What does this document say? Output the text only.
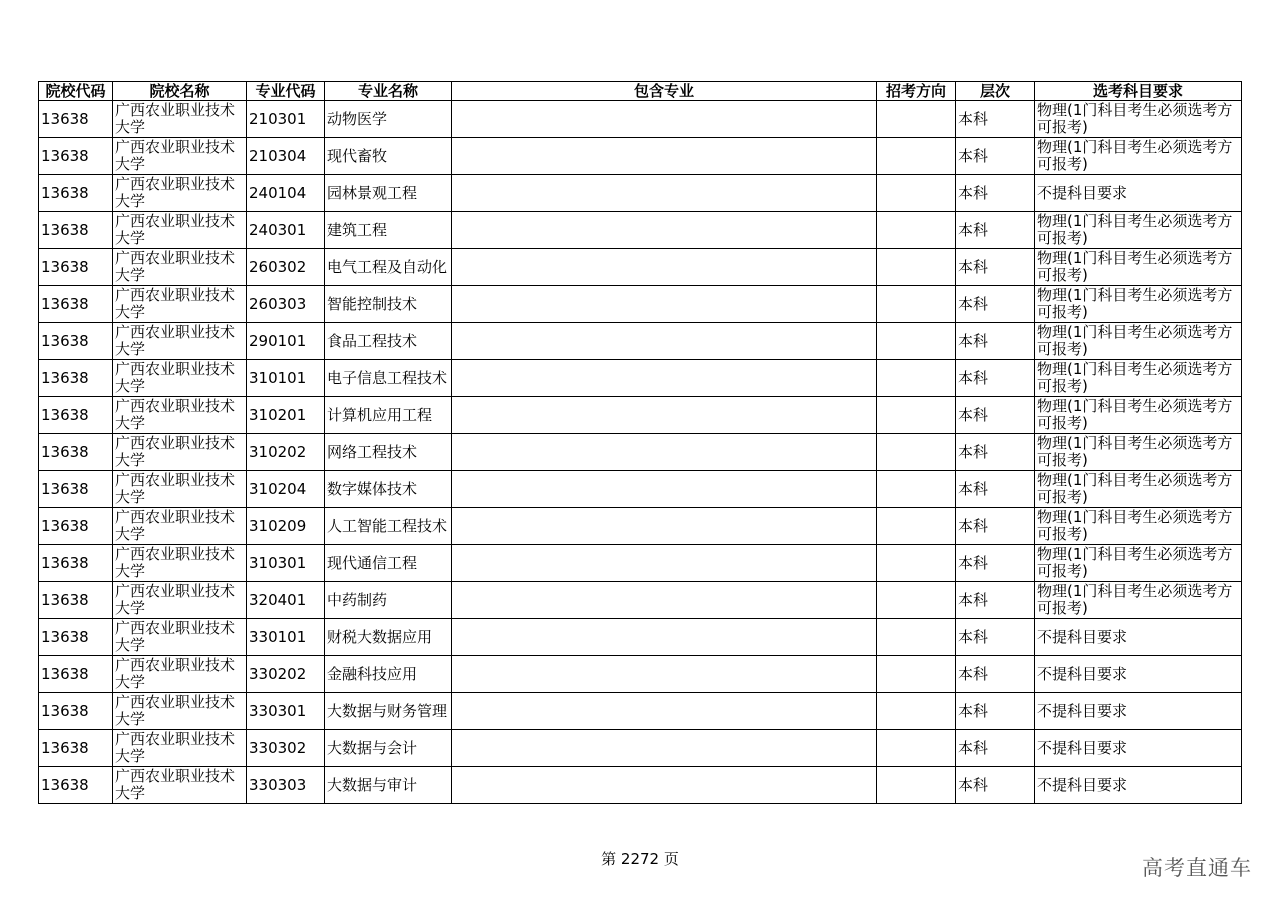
院校代码	院校名称	专业代码	专业名称	包含专业	招考方向	层次	选考科目要求
13638	广西农业职业技术大学	210301	动物医学			本科	物理(1门科目考生必须选考方可报考)
13638	广西农业职业技术大学	210304	现代畜牧			本科	物理(1门科目考生必须选考方可报考)
13638	广西农业职业技术大学	240104	园林景观工程			本科	不提科目要求
13638	广西农业职业技术大学	240301	建筑工程			本科	物理(1门科目考生必须选考方可报考)
13638	广西农业职业技术大学	260302	电气工程及自动化			本科	物理(1门科目考生必须选考方可报考)
13638	广西农业职业技术大学	260303	智能控制技术			本科	物理(1门科目考生必须选考方可报考)
13638	广西农业职业技术大学	290101	食品工程技术			本科	物理(1门科目考生必须选考方可报考)
13638	广西农业职业技术大学	310101	电子信息工程技术			本科	物理(1门科目考生必须选考方可报考)
13638	广西农业职业技术大学	310201	计算机应用工程			本科	物理(1门科目考生必须选考方可报考)
13638	广西农业职业技术大学	310202	网络工程技术			本科	物理(1门科目考生必须选考方可报考)
13638	广西农业职业技术大学	310204	数字媒体技术			本科	物理(1门科目考生必须选考方可报考)
13638	广西农业职业技术大学	310209	人工智能工程技术			本科	物理(1门科目考生必须选考方可报考)
13638	广西农业职业技术大学	310301	现代通信工程			本科	物理(1门科目考生必须选考方可报考)
13638	广西农业职业技术大学	320401	中药制药			本科	物理(1门科目考生必须选考方可报考)
13638	广西农业职业技术大学	330101	财税大数据应用			本科	不提科目要求
13638	广西农业职业技术大学	330202	金融科技应用			本科	不提科目要求
13638	广西农业职业技术大学	330301	大数据与财务管理			本科	不提科目要求
13638	广西农业职业技术大学	330302	大数据与会计			本科	不提科目要求
13638	广西农业职业技术大学	330303	大数据与审计			本科	不提科目要求
第 2272 页	高考直通车
